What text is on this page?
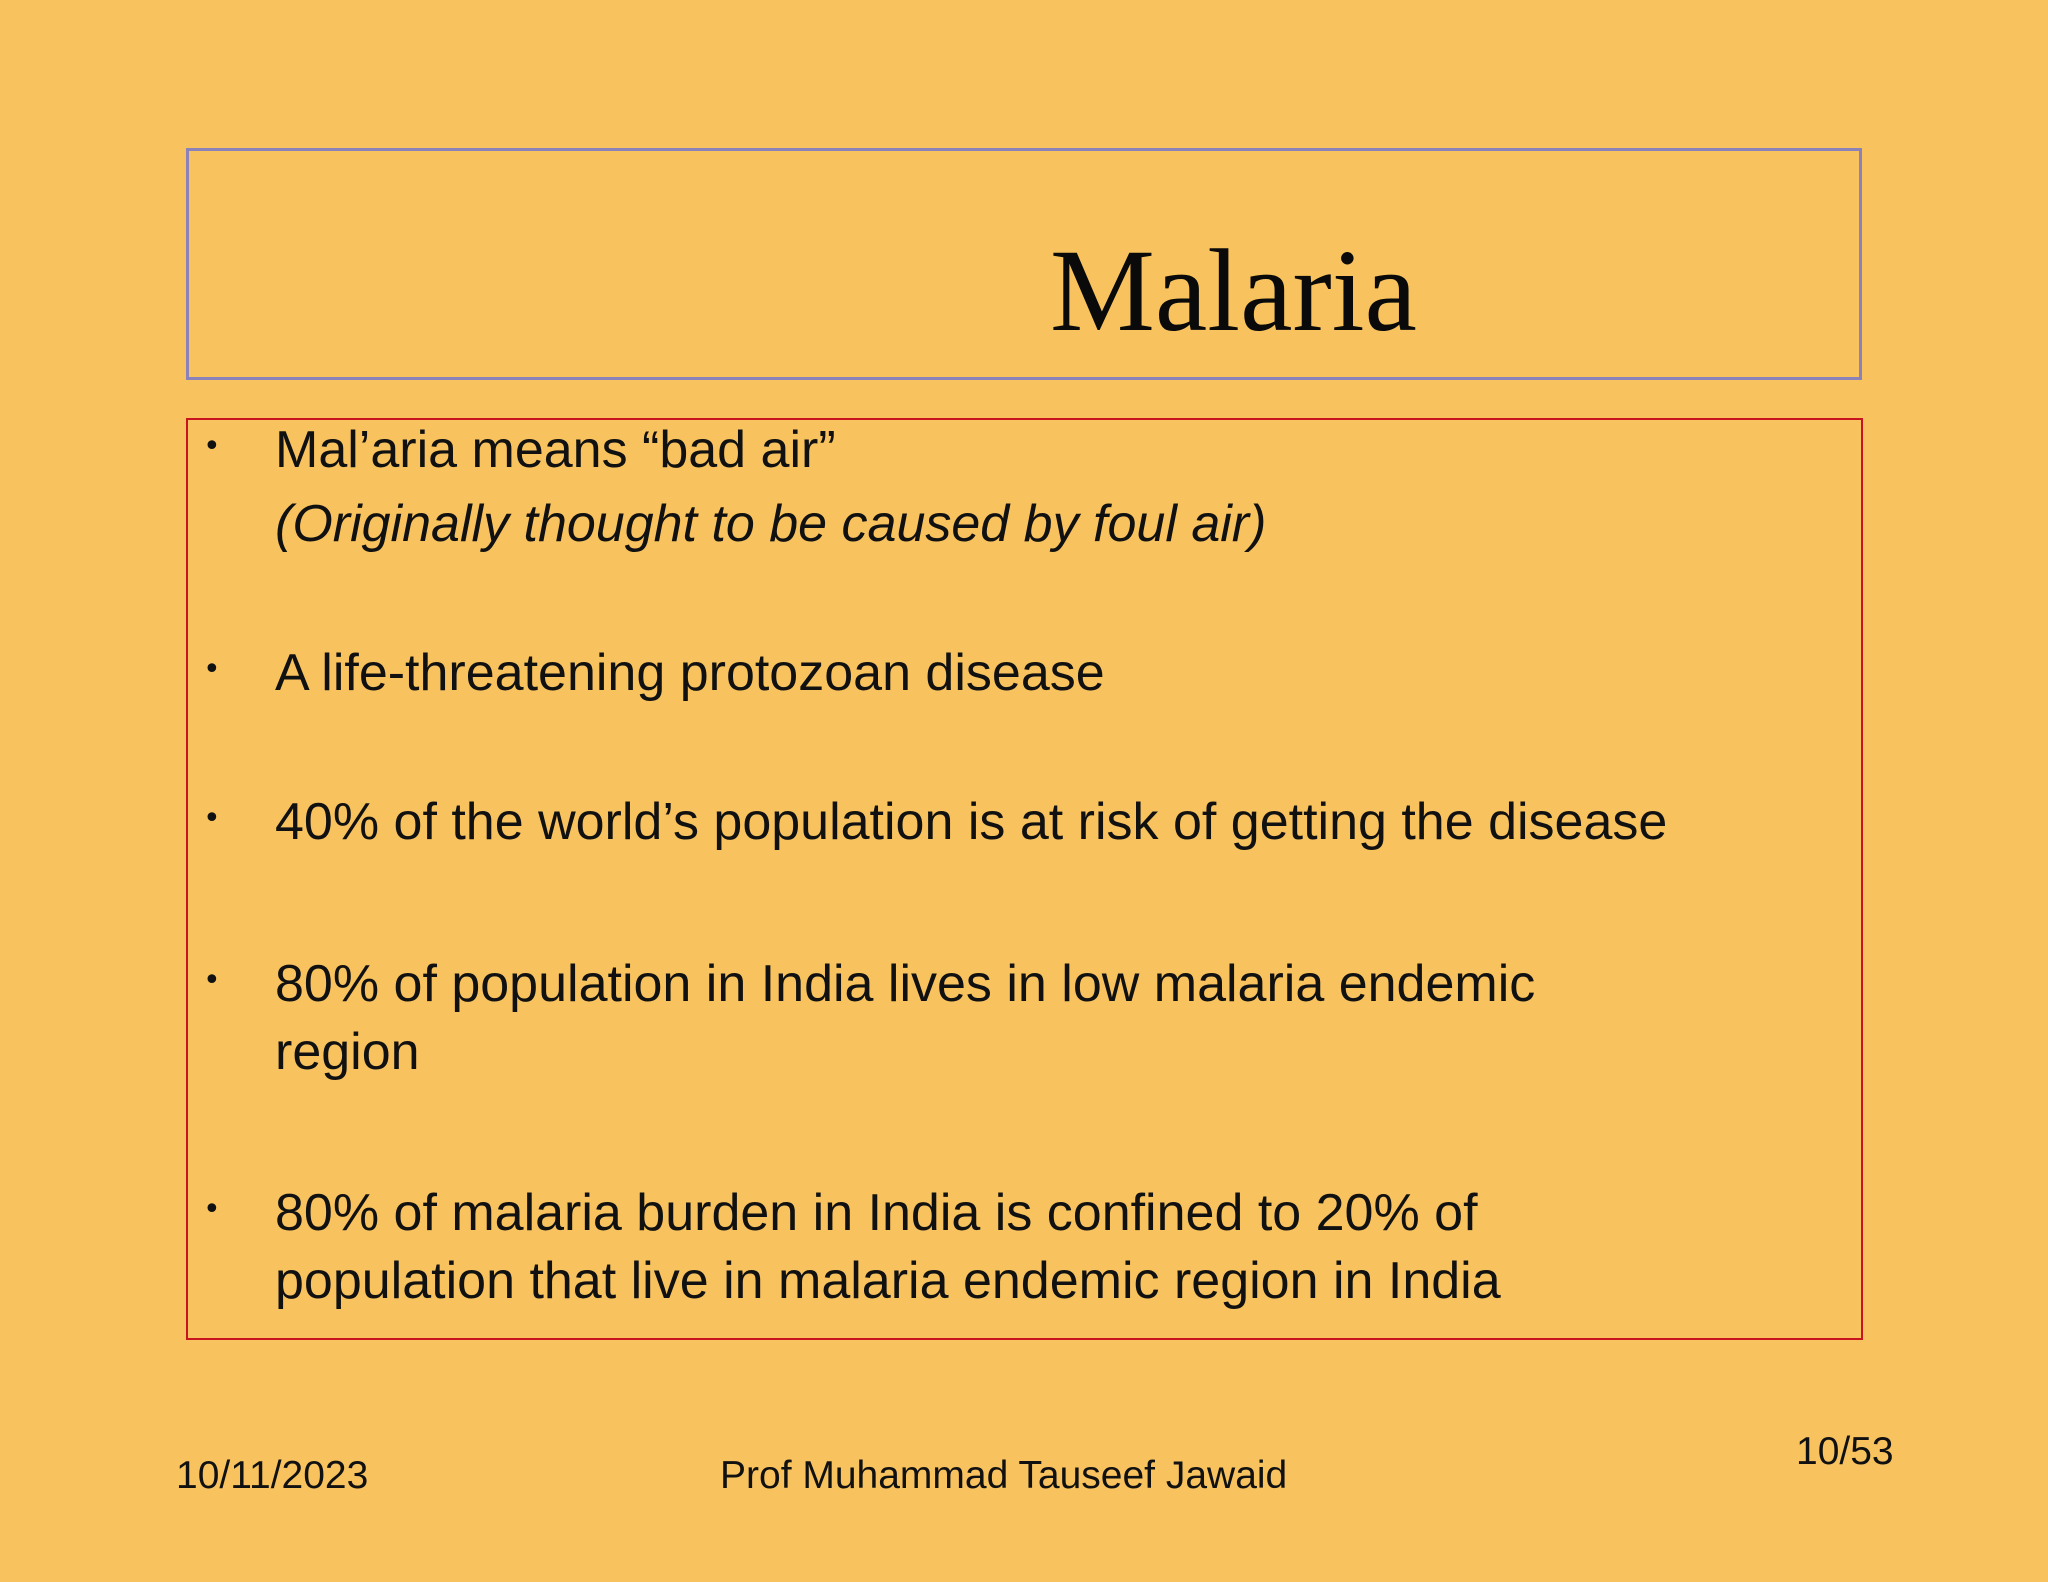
Malaria
• Mal’aria means “bad air”
(Originally thought to be caused by foul air)
• A life-threatening protozoan disease
• 40% of the world’s population is at risk of getting the disease
• 80% of population in India lives in low malaria endemic
region
• 80% of malaria burden in India is confined to 20% of
population that live in malaria endemic region in India
10/11/2023	Prof Muhammad Tauseef Jawaid
10/53
